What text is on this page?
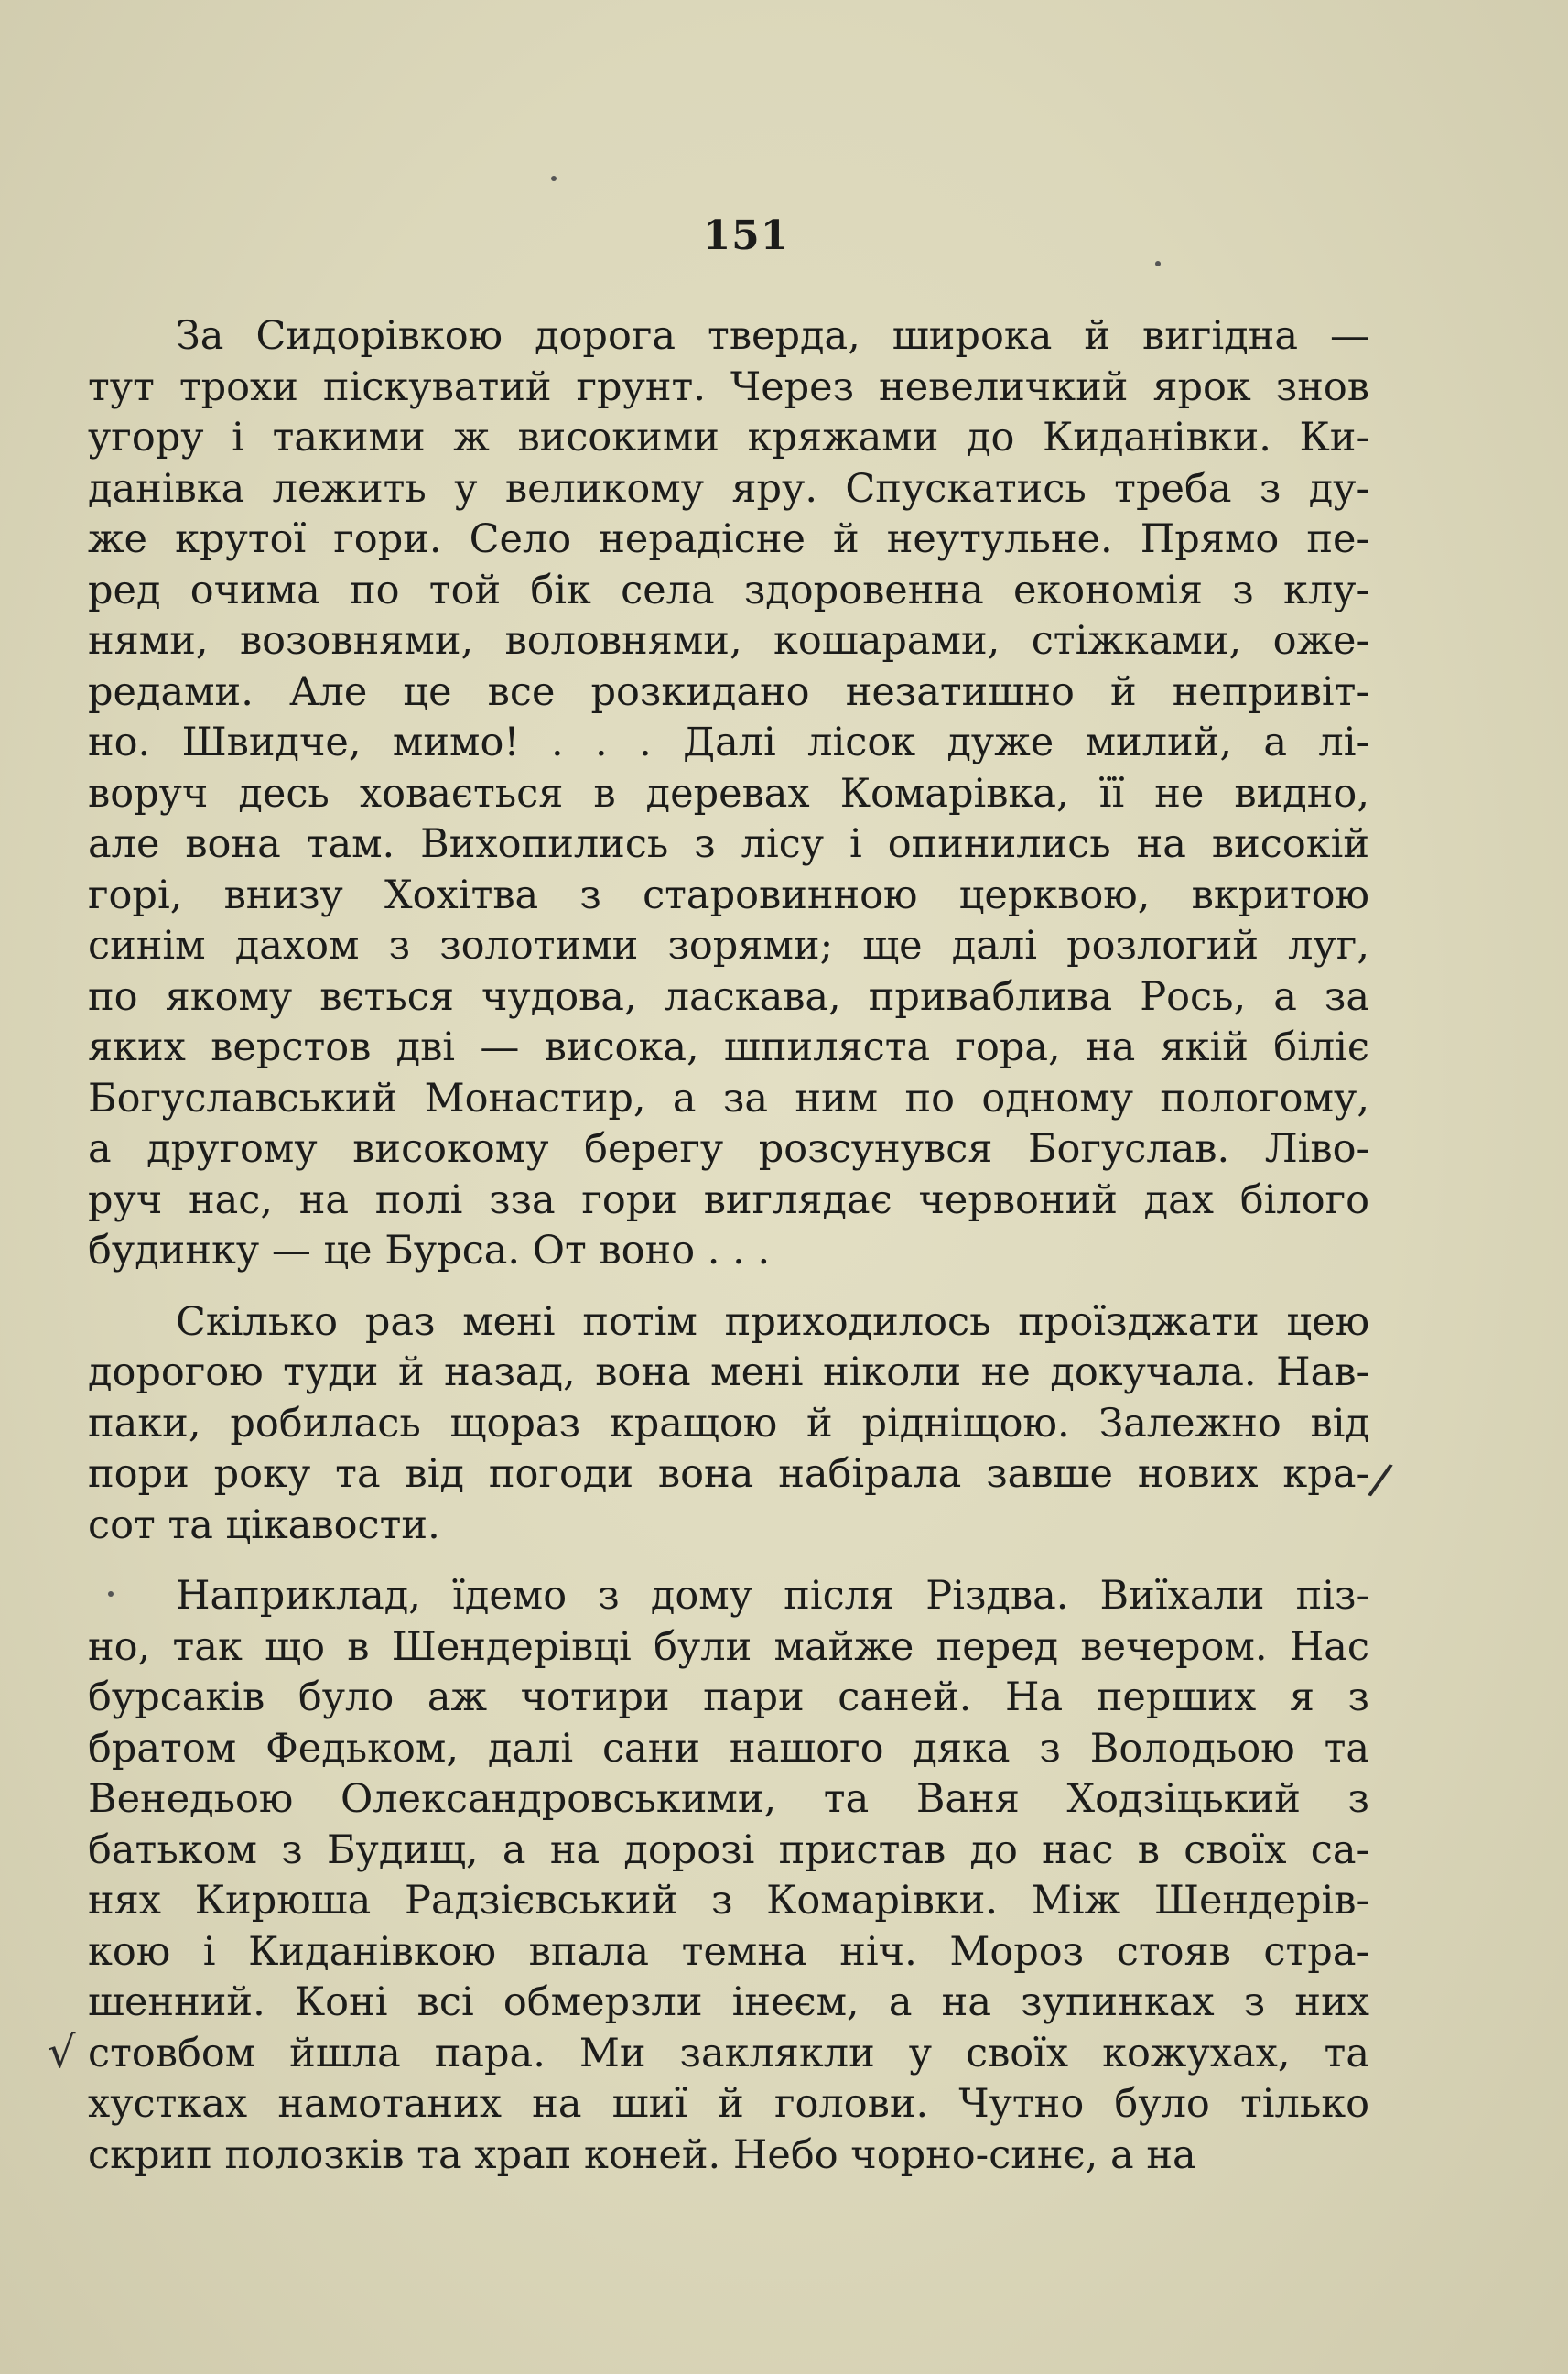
151
За Сидорівкою дорога тверда, широка й вигідна —
тут трохи піскуватий грунт. Через невеличкий ярок знов
угору і такими ж високими кряжами до Киданівки. Ки-
данівка лежить у великому яру. Спускатись треба з ду-
же крутої гори. Село нерадісне й неутульне. Прямо пе-
ред очима по той бік села здоровенна економія з клу-
нями, возовнями, воловнями, кошарами, стіжками, оже-
редами. Але це все розкидано незатишно й непривіт-
но. Швидче, мимо! . . . Далі лісок дуже милий, а лі-
воруч десь ховається в деревах Комарівка, її не видно,
але вона там. Вихопились з лісу і опинились на високій
горі, внизу Хохітва з старовинною церквою, вкритою
синім дахом з золотими зорями; ще далі розлогий луг,
по якому вється чудова, ласкава, приваблива Рось, а за
яких верстов дві — висока, шпиляста гора, на якій біліє
Богуславський Монастир, а за ним по одному пологому,
а другому високому берегу розсунувся Богуслав. Ліво-
руч нас, на полі зза гори виглядає червоний дах білого
будинку — це Бурса. От воно . . .
Скілько раз мені потім приходилось проїзджати цею
дорогою туди й назад, вона мені ніколи не докучала. Нав-
паки, робилась щораз кращою й рідніщою. Залежно від
пори року та від погоди вона набірала завше нових кра-
сот та цікавости.
Наприклад, їдемо з дому після Різдва. Виїхали піз-
но, так що в Шендерівці були майже перед вечером. Нас
бурсаків було аж чотири пари саней. На перших я з
братом Федьком, далі сани нашого дяка з Володьою та
Венедьою Олександровськими, та Ваня Ходзіцький з
батьком з Будищ, а на дорозі пристав до нас в своїх са-
нях Кирюша Радзієвський з Комарівки. Між Шендерів-
кою і Киданівкою впала темна ніч. Мороз стояв стра-
шенний. Коні всі обмерзли інеєм, а на зупинках з них
стовбом йшла пара. Ми заклякли у своїх кожухах, та
хустках намотаних на шиї й голови. Чутно було тілько
скрип полозків та храп коней. Небо чорно-синє, а на
/
√
